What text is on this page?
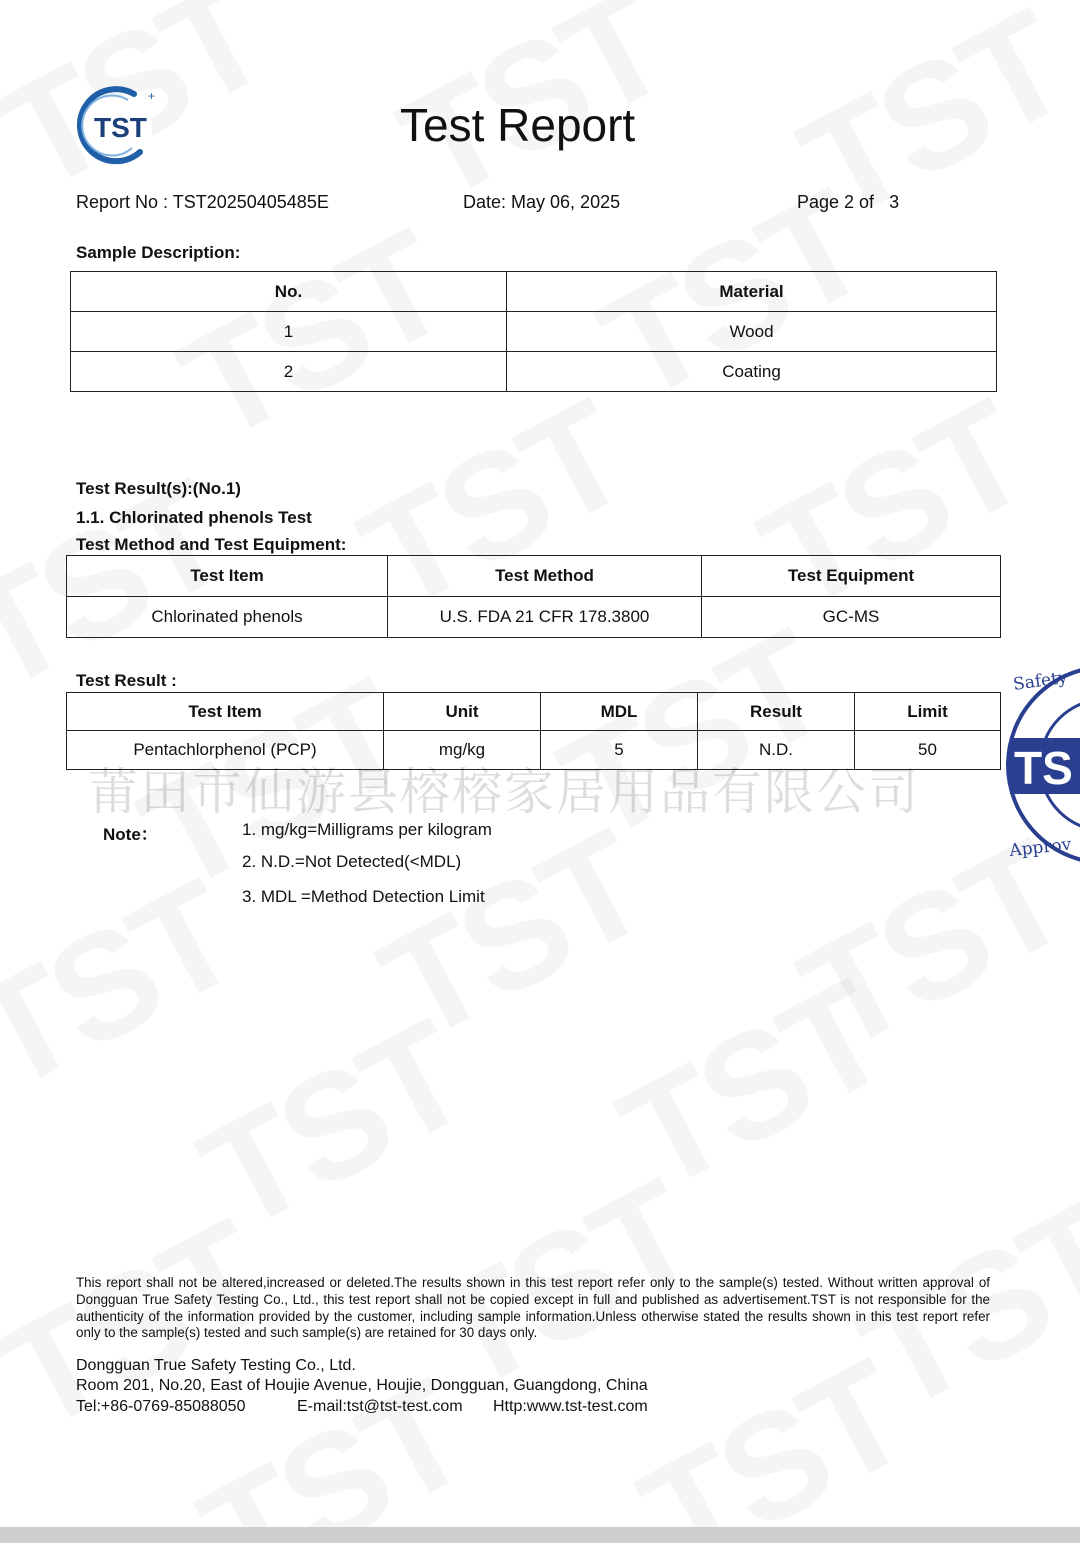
+
TST	Test Report
Report No : TST20250405485E	Date: May 06, 2025	Page 2 of   3
Sample Description:
No.	Material
1	Wood
2	Coating
Test Result(s):(No.1)
1.1. Chlorinated phenols Test
Test Method and Test Equipment:
Test Item	Test Method	Test Equipment
Chlorinated phenols	U.S. FDA 21 CFR 178.3800	GC-MS
Test Result :
Test Item	Unit	MDL	Result	Limit
Pentachlorphenol (PCP)	mg/kg	5	N.D.	50
莆田市仙游县榕榕家居用品有限公司
Note：	1. mg/kg=Milligrams per kilogram
2. N.D.=Not Detected(<MDL)
3. MDL =Method Detection Limit
Safety
TS
Approv
This report shall not be altered,increased or deleted.The results shown in this test report refer only to the sample(s) tested. Without written approval of Dongguan True Safety Testing Co., Ltd., this test report shall not be copied except in full and published as advertisement.TST is not responsible for the authenticity of the information provided by the customer, including sample information.Unless otherwise stated the results shown in this test report refer only to the sample(s) tested and such sample(s) are retained for 30 days only.
Dongguan True Safety Testing Co., Ltd.
Room 201, No.20, East of Houjie Avenue, Houjie, Dongguan, Guangdong, China
Tel:+86-0769-85088050	E-mail:tst@tst-test.com Http:www.tst-test.com
